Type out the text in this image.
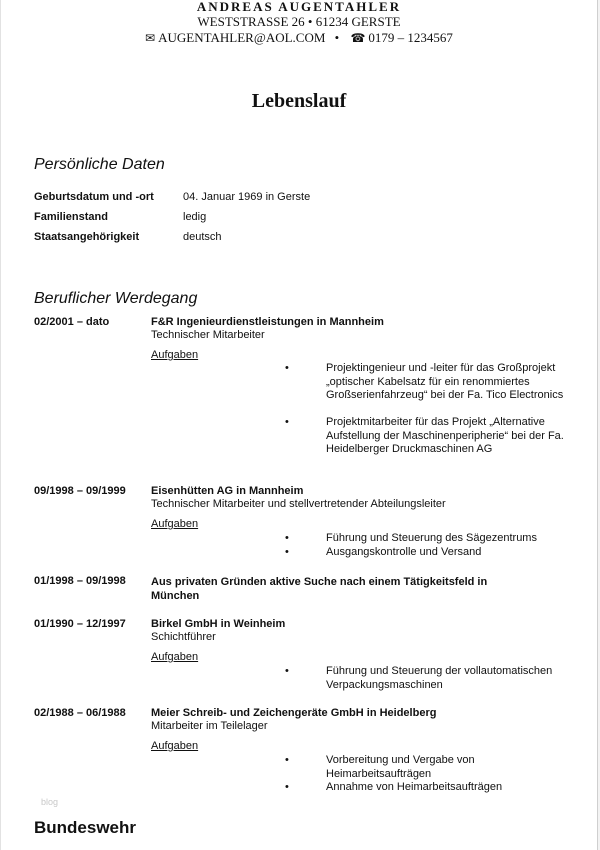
ANDREAS AUGENTAHLER
WESTSTRASSE 26 • 61234 GERSTE
✉ AUGENTAHLER@AOL.COM • ☎ 0179 – 1234567
Lebenslauf
Persönliche Daten
Geburtsdatum und -ort	04. Januar 1969 in Gerste
Familienstand	ledig
Staatsangehörigkeit	deutsch
Beruflicher Werdegang
02/2001 – dato	F&R Ingenieurdienstleistungen in Mannheim
Technischer Mitarbeiter
Aufgaben
•	Projektingenieur und -leiter für das Großprojekt „optischer Kabelsatz für ein renommiertes Großserienfahrzeug“ bei der Fa. Tico Electronics
•	Projektmitarbeiter für das Projekt „Alternative Aufstellung der Maschinenperipherie“ bei der Fa. Heidelberger Druckmaschinen AG
09/1998 – 09/1999 Eisenhütten AG in Mannheim
Technischer Mitarbeiter und stellvertretender Abteilungsleiter
Aufgaben
•	Führung und Steuerung des Sägezentrums
•	Ausgangskontrolle und Versand
01/1998 – 09/1998 Aus privaten Gründen aktive Suche nach einem Tätigkeitsfeld in München
01/1990 – 12/1997 Birkel GmbH in Weinheim
Schichtführer
Aufgaben
•	Führung und Steuerung der vollautomatischen Verpackungsmaschinen
02/1988 – 06/1988 Meier Schreib- und Zeichengeräte GmbH in Heidelberg
Mitarbeiter im Teilelager
Aufgaben
•	Vorbereitung und Vergabe von Heimarbeitsaufträgen
•	Annahme von Heimarbeitsaufträgen
blog
Bundeswehr
